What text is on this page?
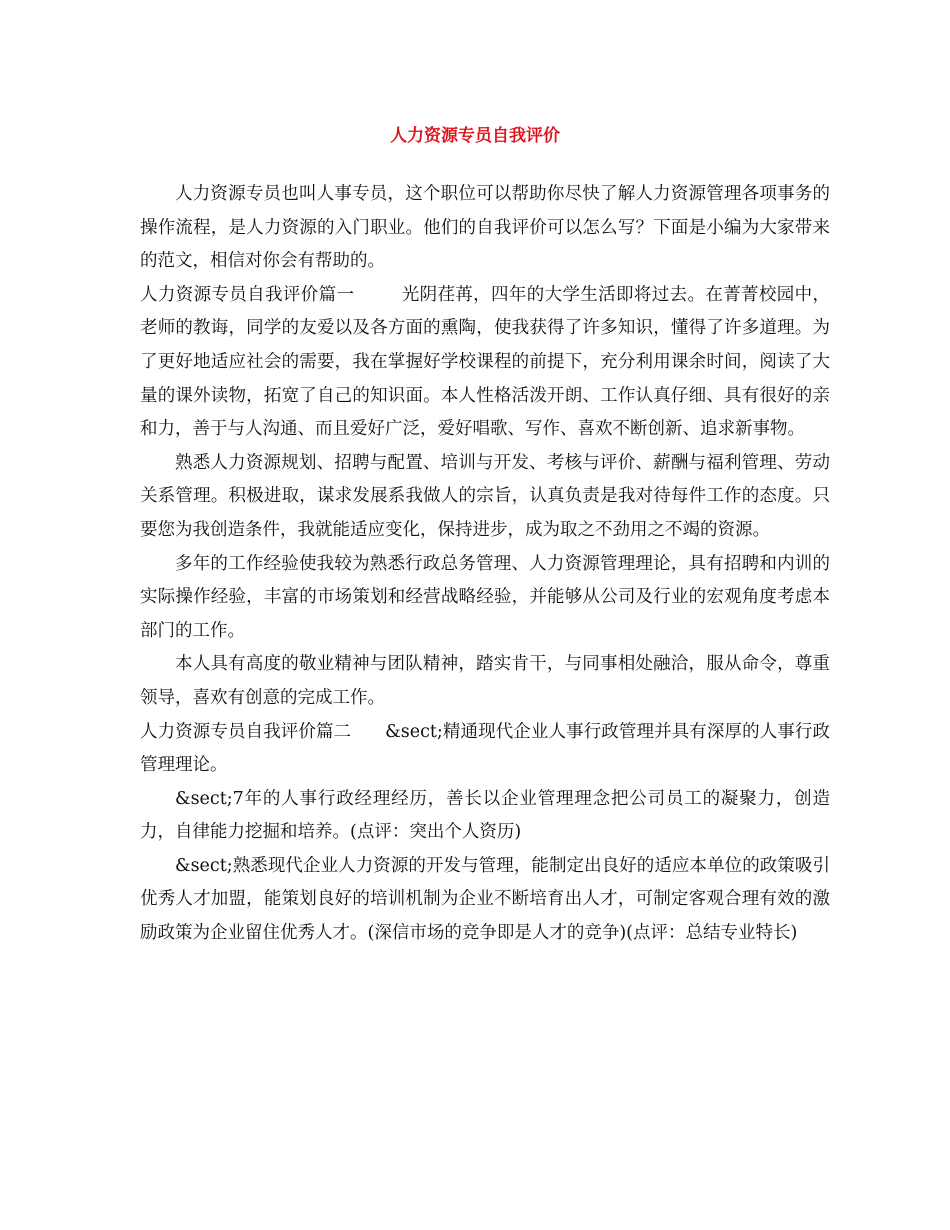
人力资源专员自我评价

人力资源专员也叫人事专员，这个职位可以帮助你尽快了解人力资源管理各项事务的操作流程，是人力资源的入门职业。他们的自我评价可以怎么写？下面是小编为大家带来的范文，相信对你会有帮助的。

人力资源专员自我评价篇一	光阴荏苒，四年的大学生活即将过去。在菁菁校园中，老师的教诲，同学的友爱以及各方面的熏陶，使我获得了许多知识，懂得了许多道理。为了更好地适应社会的需要，我在掌握好学校课程的前提下，充分利用课余时间，阅读了大量的课外读物，拓宽了自己的知识面。本人性格活泼开朗、工作认真仔细、具有很好的亲和力，善于与人沟通、而且爱好广泛，爱好唱歌、写作、喜欢不断创新、追求新事物。

熟悉人力资源规划、招聘与配置、培训与开发、考核与评价、薪酬与福利管理、劳动关系管理。积极进取，谋求发展系我做人的宗旨，认真负责是我对待每件工作的态度。只要您为我创造条件，我就能适应变化，保持进步，成为取之不劲用之不竭的资源。

多年的工作经验使我较为熟悉行政总务管理、人力资源管理理论，具有招聘和内训的实际操作经验，丰富的市场策划和经营战略经验，并能够从公司及行业的宏观角度考虑本部门的工作。

本人具有高度的敬业精神与团队精神，踏实肯干，与同事相处融洽，服从命令，尊重领导，喜欢有创意的完成工作。

人力资源专员自我评价篇二 &sect;精通现代企业人事行政管理并具有深厚的人事行政管理理论。

&sect;7年的人事行政经理经历，善长以企业管理理念把公司员工的凝聚力，创造力，自律能力挖掘和培养。(点评：突出个人资历)

&sect;熟悉现代企业人力资源的开发与管理，能制定出良好的适应本单位的政策吸引优秀人才加盟，能策划良好的培训机制为企业不断培育出人才，可制定客观合理有效的激励政策为企业留住优秀人才。(深信市场的竞争即是人才的竞争)(点评：总结专业特长)
